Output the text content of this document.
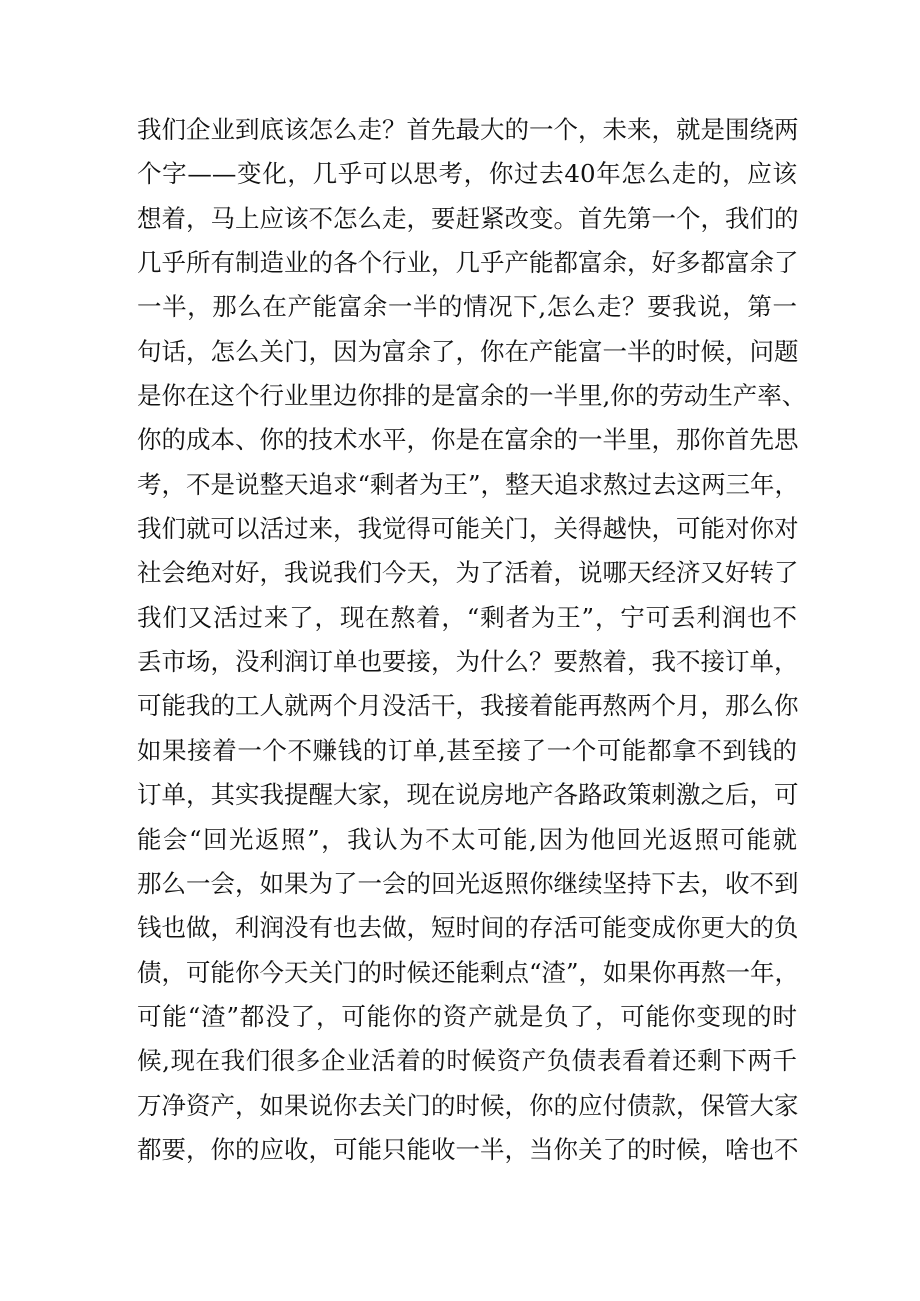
我们企业到底该怎么走？首先最大的一个，未来，就是围绕两
个字——变化，几乎可以思考，你过去40年怎么走的，应该
想着，马上应该不怎么走，要赶紧改变。首先第一个，我们的
几乎所有制造业的各个行业，几乎产能都富余，好多都富余了
一半，那么在产能富余一半的情况下,怎么走？要我说，第一
句话，怎么关门，因为富余了，你在产能富一半的时候，问题
是你在这个行业里边你排的是富余的一半里,你的劳动生产率、
你的成本、你的技术水平，你是在富余的一半里，那你首先思
考，不是说整天追求“剩者为王”，整天追求熬过去这两三年，
我们就可以活过来，我觉得可能关门，关得越快，可能对你对
社会绝对好，我说我们今天，为了活着，说哪天经济又好转了
我们又活过来了，现在熬着，“剩者为王”，宁可丢利润也不
丢市场，没利润订单也要接，为什么？要熬着，我不接订单，
可能我的工人就两个月没活干，我接着能再熬两个月，那么你
如果接着一个不赚钱的订单,甚至接了一个可能都拿不到钱的
订单，其实我提醒大家，现在说房地产各路政策刺激之后，可
能会“回光返照”，我认为不太可能,因为他回光返照可能就
那么一会，如果为了一会的回光返照你继续坚持下去，收不到
钱也做，利润没有也去做，短时间的存活可能变成你更大的负
债，可能你今天关门的时候还能剩点“渣”，如果你再熬一年，
可能“渣”都没了，可能你的资产就是负了，可能你变现的时
候,现在我们很多企业活着的时候资产负债表看着还剩下两千
万净资产，如果说你去关门的时候，你的应付债款，保管大家
都要，你的应收，可能只能收一半，当你关了的时候，啥也不
